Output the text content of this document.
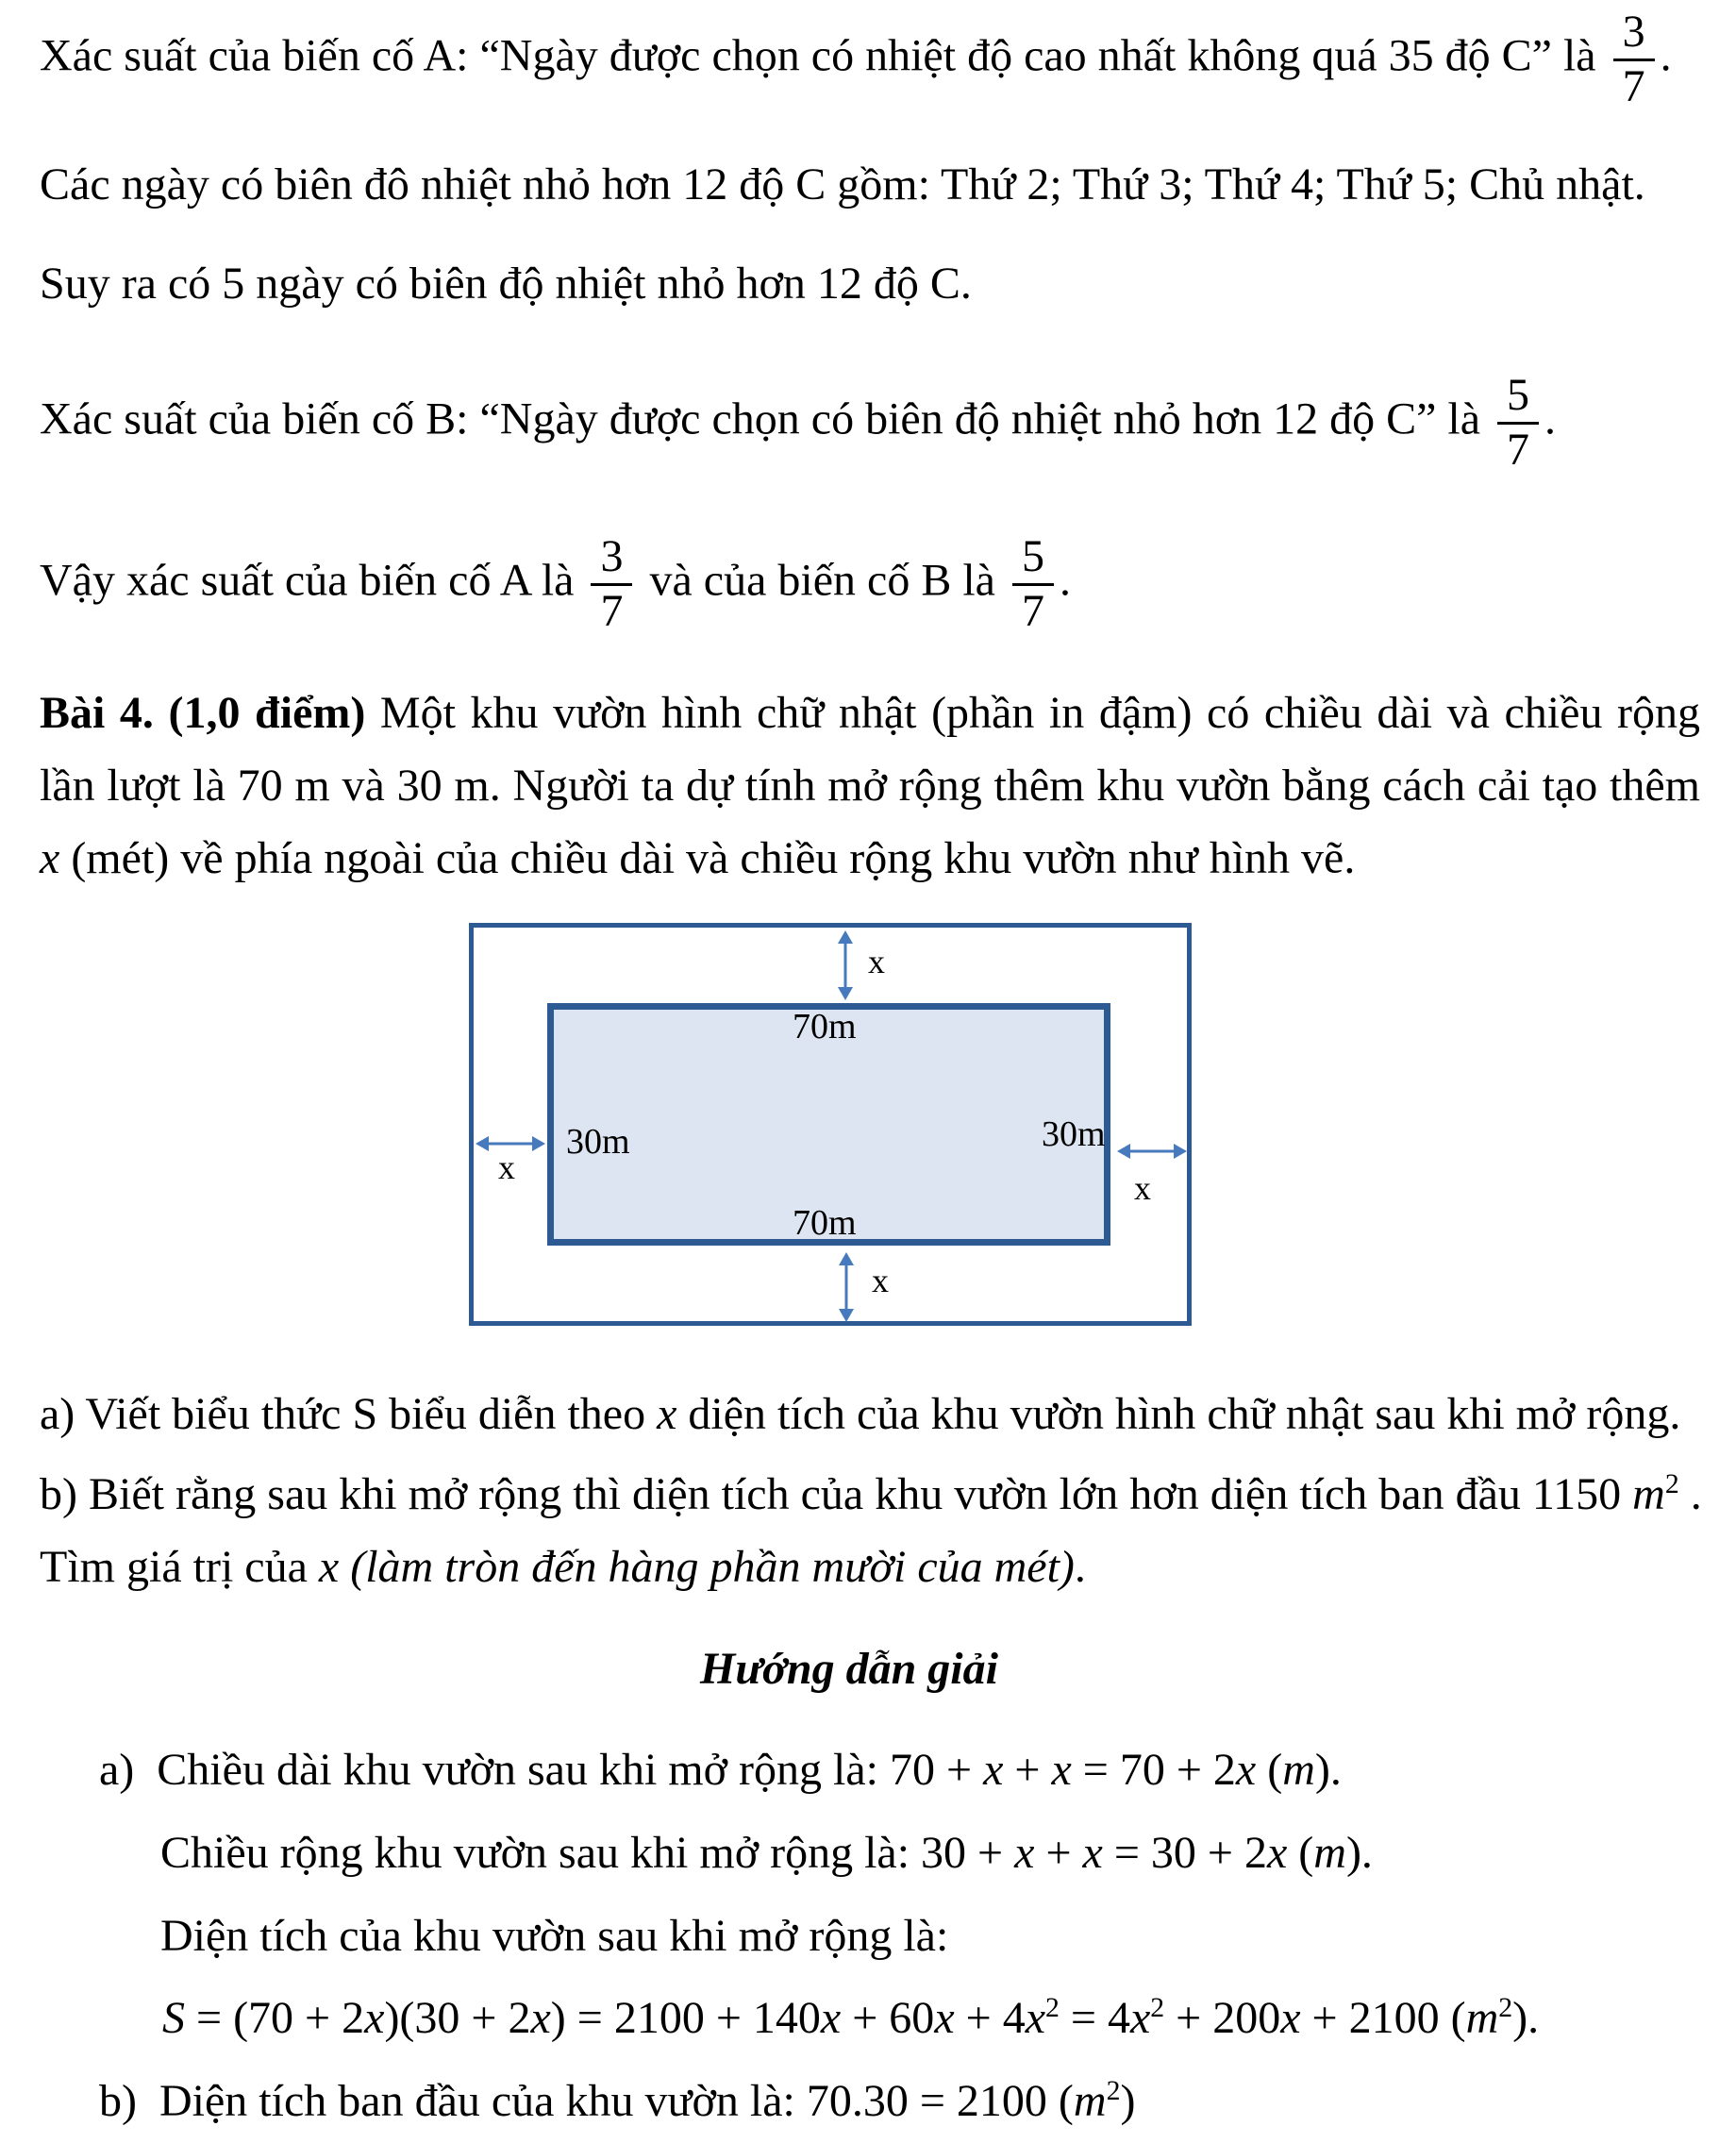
Xác suất của biến cố A: “Ngày được chọn có nhiệt độ cao nhất không quá 35 độ C” là $\frac{3}{7}$ .
Các ngày có biên đô nhiệt nhỏ hơn 12 độ C gồm: Thứ 2; Thứ 3; Thứ 4; Thứ 5; Chủ nhật.
Suy ra có 5 ngày có biên độ nhiệt nhỏ hơn 12 độ C.
Xác suất của biến cố B: “Ngày được chọn có biên độ nhiệt nhỏ hơn 12 độ C” là $\frac{5}{7}$ .
Vậy xác suất của biến cố A là $\frac{3}{7}$ và của biến cố B là $\frac{5}{7}$ .
Bài 4. (1,0 điểm) Một khu vườn hình chữ nhật (phần in đậm) có chiều dài và chiều rộng lần lượt là 70 m và 30 m. Người ta dự tính mở rộng thêm khu vườn bằng cách cải tạo thêm x (mét) về phía ngoài của chiều dài và chiều rộng khu vườn như hình vẽ.
x
70m
30m
x
30m
x
70m
x
a) Viết biểu thức S biểu diễn theo x diện tích của khu vườn hình chữ nhật sau khi mở rộng.
b) Biết rằng sau khi mở rộng thì diện tích của khu vườn lớn hơn diện tích ban đầu 1150 $m^2$ .
Tìm giá trị của x (làm tròn đến hàng phần mười của mét).
Hướng dẫn giải
a)  Chiều dài khu vườn sau khi mở rộng là: 70 + x + x = 70 + 2x (m).
Chiều rộng khu vườn sau khi mở rộng là: 30 + x + x = 30 + 2x (m).
Diện tích của khu vườn sau khi mở rộng là:
$S = (70 + 2x)(30 + 2x) = 2100 + 140x + 60x + 4x^2 = 4x^2 + 200x + 2100$ $(m^2)$.
b)  Diện tích ban đầu của khu vườn là: 70.30 = 2100 $(m^2)$
